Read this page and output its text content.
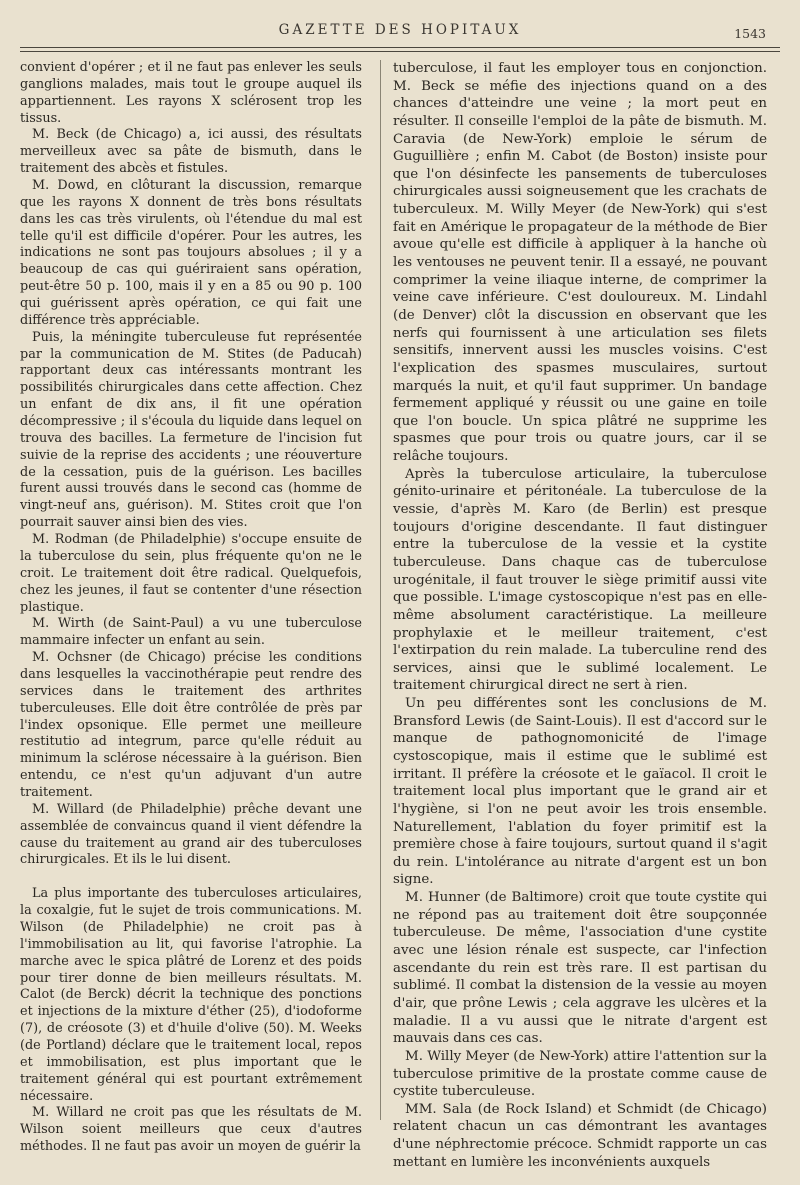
GAZETTE DES HOPITAUX	1543

convient d'opérer ; et il ne faut pas enlever les seuls ganglions malades, mais tout le groupe auquel ils appartiennent. Les rayons X sclérosent trop les tissus.

M. Beck (de Chicago) a, ici aussi, des résultats merveilleux avec sa pâte de bismuth, dans le traitement des abcès et fistules.

M. Dowd, en clôturant la discussion, remarque que les rayons X donnent de très bons résultats dans les cas très virulents, où l'étendue du mal est telle qu'il est difficile d'opérer. Pour les autres, les indications ne sont pas toujours absolues ; il y a beaucoup de cas qui guériraient sans opération, peut-être 50 p. 100, mais il y en a 85 ou 90 p. 100 qui guérissent après opération, ce qui fait une différence très appréciable.

Puis, la méningite tuberculeuse fut représentée par la communication de M. Stites (de Paducah) rapportant deux cas intéressants montrant les possibilités chirurgicales dans cette affection. Chez un enfant de dix ans, il fit une opération décompressive ; il s'écoula du liquide dans lequel on trouva des bacilles. La fermeture de l'incision fut suivie de la reprise des accidents ; une réouverture de la cessation, puis de la guérison. Les bacilles furent aussi trouvés dans le second cas (homme de vingt-neuf ans, guérison). M. Stites croit que l'on pourrait sauver ainsi bien des vies.

M. Rodman (de Philadelphie) s'occupe ensuite de la tuberculose du sein, plus fréquente qu'on ne le croit. Le traitement doit être radical. Quelquefois, chez les jeunes, il faut se contenter d'une résection plastique.

M. Wirth (de Saint-Paul) a vu une tuberculose mammaire infecter un enfant au sein.

M. Ochsner (de Chicago) précise les conditions dans lesquelles la vaccinothérapie peut rendre des services dans le traitement des arthrites tuberculeuses. Elle doit être contrôlée de près par l'index opsonique. Elle permet une meilleure restitutio ad integrum, parce qu'elle réduit au minimum la sclérose nécessaire à la guérison. Bien entendu, ce n'est qu'un adjuvant d'un autre traitement.

M. Willard (de Philadelphie) prêche devant une assemblée de convaincus quand il vient défendre la cause du traitement au grand air des tuberculoses chirurgicales. Et ils le lui disent.

La plus importante des tuberculoses articulaires, la coxalgie, fut le sujet de trois communications. M. Wilson (de Philadelphie) ne croit pas à l'immobilisation au lit, qui favorise l'atrophie. La marche avec le spica plâtré de Lorenz et des poids pour tirer donne de bien meilleurs résultats. M. Calot (de Berck) décrit la technique des ponctions et injections de la mixture d'éther (25), d'iodoforme (7), de créosote (3) et d'huile d'olive (50). M. Weeks (de Portland) déclare que le traitement local, repos et immobilisation, est plus important que le traitement général qui est pourtant extrêmement nécessaire.

M. Willard ne croit pas que les résultats de M. Wilson soient meilleurs que ceux d'autres méthodes. Il ne faut pas avoir un moyen de guérir la

tuberculose, il faut les employer tous en conjonction. M. Beck se méfie des injections quand on a des chances d'atteindre une veine ; la mort peut en résulter. Il conseille l'emploi de la pâte de bismuth. M. Caravia (de New-York) emploie le sérum de Guguillière ; enfin M. Cabot (de Boston) insiste pour que l'on désinfecte les pansements de tuberculoses chirurgicales aussi soigneusement que les crachats de tuberculeux. M. Willy Meyer (de New-York) qui s'est fait en Amérique le propagateur de la méthode de Bier avoue qu'elle est difficile à appliquer à la hanche où les ventouses ne peuvent tenir. Il a essayé, ne pouvant comprimer la veine iliaque interne, de comprimer la veine cave inférieure. C'est douloureux. M. Lindahl (de Denver) clôt la discussion en observant que les nerfs qui fournissent à une articulation ses filets sensitifs, innervent aussi les muscles voisins. C'est l'explication des spasmes musculaires, surtout marqués la nuit, et qu'il faut supprimer. Un bandage fermement appliqué y réussit ou une gaine en toile que l'on boucle. Un spica plâtré ne supprime les spasmes que pour trois ou quatre jours, car il se relâche toujours.

Après la tuberculose articulaire, la tuberculose génito-urinaire et péritonéale. La tuberculose de la vessie, d'après M. Karo (de Berlin) est presque toujours d'origine descendante. Il faut distinguer entre la tuberculose de la vessie et la cystite tuberculeuse. Dans chaque cas de tuberculose urogénitale, il faut trouver le siège primitif aussi vite que possible. L'image cystoscopique n'est pas en elle-même absolument caractéristique. La meilleure prophylaxie et le meilleur traitement, c'est l'extirpation du rein malade. La tuberculine rend des services, ainsi que le sublimé localement. Le traitement chirurgical direct ne sert à rien.

Un peu différentes sont les conclusions de M. Bransford Lewis (de Saint-Louis). Il est d'accord sur le manque de pathognomonicité de l'image cystoscopique, mais il estime que le sublimé est irritant. Il préfère la créosote et le gaïacol. Il croit le traitement local plus important que le grand air et l'hygiène, si l'on ne peut avoir les trois ensemble. Naturellement, l'ablation du foyer primitif est la première chose à faire toujours, surtout quand il s'agit du rein. L'intolérance au nitrate d'argent est un bon signe.

M. Hunner (de Baltimore) croit que toute cystite qui ne répond pas au traitement doit être soupçonnée tuberculeuse. De même, l'association d'une cystite avec une lésion rénale est suspecte, car l'infection ascendante du rein est très rare. Il est partisan du sublimé. Il combat la distension de la vessie au moyen d'air, que prône Lewis ; cela aggrave les ulcères et la maladie. Il a vu aussi que le nitrate d'argent est mauvais dans ces cas.

M. Willy Meyer (de New-York) attire l'attention sur la tuberculose primitive de la prostate comme cause de cystite tuberculeuse.

MM. Sala (de Rock Island) et Schmidt (de Chicago) relatent chacun un cas démontrant les avantages d'une néphrectomie précoce. Schmidt rapporte un cas mettant en lumière les inconvénients auxquels
